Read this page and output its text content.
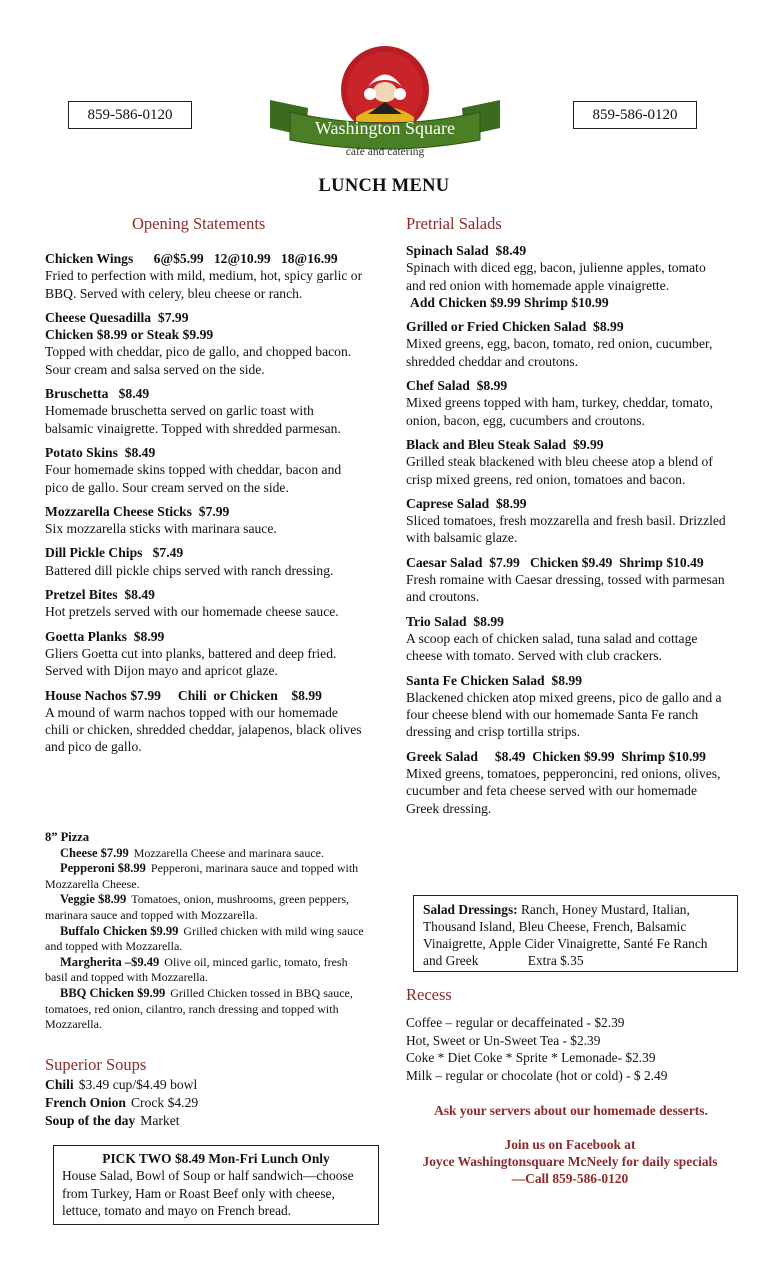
859-586-0120	859-586-0120
Washington Square
cafe and catering
LUNCH MENU
Opening Statements
Chicken Wings      6@$5.99   12@10.99   18@16.99
Fried to perfection with mild, medium, hot, spicy garlic or BBQ. Served with celery, bleu cheese or ranch.
Cheese Quesadilla  $7.99
Chicken $8.99 or Steak $9.99
Topped with cheddar, pico de gallo, and chopped bacon. Sour cream and salsa served on the side.
Bruschetta   $8.49
Homemade bruschetta served on garlic toast with balsamic vinaigrette. Topped with shredded parmesan.
Potato Skins  $8.49
Four homemade skins topped with cheddar, bacon and pico de gallo. Sour cream served on the side.
Mozzarella Cheese Sticks  $7.99
Six mozzarella sticks with marinara sauce.
Dill Pickle Chips   $7.49
Battered dill pickle chips served with ranch dressing.
Pretzel Bites  $8.49
Hot pretzels served with our homemade cheese sauce.
Goetta Planks  $8.99
Gliers Goetta cut into planks, battered and deep fried. Served with Dijon mayo and apricot glaze.
House Nachos $7.99     Chili  or Chicken    $8.99
A mound of warm nachos topped with our homemade chili or chicken, shredded cheddar, jalapenos, black olives and pico de gallo.
8” Pizza
Cheese $7.99 Mozzarella Cheese and marinara sauce.
Pepperoni $8.99 Pepperoni, marinara sauce and topped with Mozzarella Cheese.
Veggie $8.99 Tomatoes, onion, mushrooms, green peppers, marinara sauce and topped with Mozzarella.
Buffalo Chicken $9.99 Grilled chicken with mild wing sauce and topped with Mozzarella.
Margherita –$9.49 Olive oil, minced garlic, tomato, fresh basil and topped with Mozzarella.
BBQ Chicken $9.99 Grilled Chicken tossed in BBQ sauce, tomatoes, red onion, cilantro, ranch dressing and topped with Mozzarella.
Superior Soups
Chili $3.49 cup/$4.49 bowl
French Onion Crock $4.29
Soup of the day Market
PICK TWO $8.49 Mon-Fri Lunch Only
House Salad, Bowl of Soup or half sandwich—choose from Turkey, Ham or Roast Beef only with cheese, lettuce, tomato and mayo on French bread.
Pretrial Salads
Spinach Salad  $8.49
Spinach with diced egg, bacon, julienne apples, tomato and red onion with homemade apple vinaigrette.
Add Chicken $9.99 Shrimp $10.99
Grilled or Fried Chicken Salad  $8.99
Mixed greens, egg, bacon, tomato, red onion, cucumber, shredded cheddar and croutons.
Chef Salad  $8.99
Mixed greens topped with ham, turkey, cheddar, tomato, onion, bacon, egg, cucumbers and croutons.
Black and Bleu Steak Salad  $9.99
Grilled steak blackened with bleu cheese atop a blend of crisp mixed greens, red onion, tomatoes and bacon.
Caprese Salad  $8.99
Sliced tomatoes, fresh mozzarella and fresh basil. Drizzled with balsamic glaze.
Caesar Salad  $7.99   Chicken $9.49  Shrimp $10.49
Fresh romaine with Caesar dressing, tossed with parmesan and croutons.
Trio Salad  $8.99
A scoop each of chicken salad, tuna salad and cottage cheese with tomato. Served with club crackers.
Santa Fe Chicken Salad  $8.99
Blackened chicken atop mixed greens, pico de gallo and a four cheese blend with our homemade Santa Fe ranch dressing and crisp tortilla strips.
Greek Salad     $8.49  Chicken $9.99  Shrimp $10.99
Mixed greens, tomatoes, pepperoncini, red onions, olives, cucumber and feta cheese served with our homemade Greek dressing.
Salad Dressings: Ranch, Honey Mustard, Italian, Thousand Island, Bleu Cheese, French, Balsamic Vinaigrette, Apple Cider Vinaigrette, Santé Fe Ranch and Greek	Extra $.35
Recess
Coffee – regular or decaffeinated - $2.39
Hot, Sweet or Un-Sweet Tea - $2.39
Coke * Diet Coke * Sprite * Lemonade- $2.39
Milk – regular or chocolate (hot or cold) - $ 2.49
Ask your servers about our homemade desserts.
Join us on Facebook at
Joyce Washingtonsquare McNeely for daily specials—Call 859-586-0120
